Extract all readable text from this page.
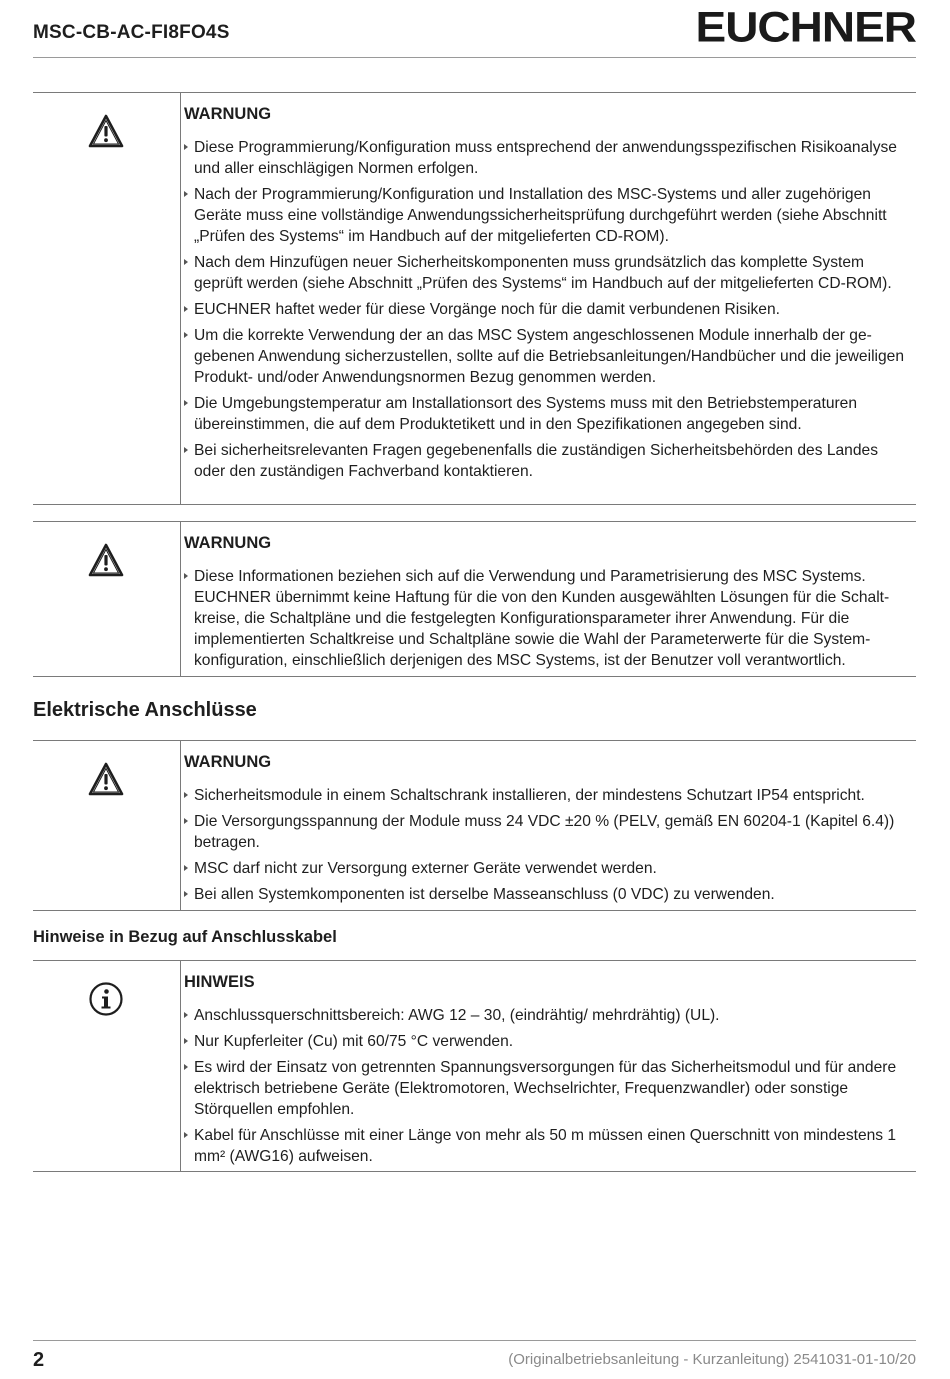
MSC-CB-AC-FI8FO4S	EUCHNER
WARNUNG
Diese Programmierung/Konfiguration muss entsprechend der anwendungsspezifischen Risikoanalyse und aller einschlägigen Normen erfolgen.
Nach der Programmierung/Konfiguration und Installation des MSC-Systems und aller zugehörigen Geräte muss eine vollständige Anwendungssicherheitsprüfung durchgeführt werden (siehe Abschnitt „Prüfen des Systems“ im Handbuch auf der mitgelieferten CD-ROM).
Nach dem Hinzufügen neuer Sicherheitskomponenten muss grundsätzlich das komplette System geprüft werden (siehe Abschnitt „Prüfen des Systems“ im Handbuch auf der mitgelieferten CD-ROM).
EUCHNER haftet weder für diese Vorgänge noch für die damit verbundenen Risiken.
Um die korrekte Verwendung der an das MSC System angeschlossenen Module innerhalb der gegebenen Anwendung sicherzustellen, sollte auf die Betriebsanleitungen/Handbücher und die jeweiligen Produkt- und/oder Anwendungsnormen Bezug genommen werden.
Die Umgebungstemperatur am Installationsort des Systems muss mit den Betriebstemperaturen übereinstimmen, die auf dem Produktetikett und in den Spezifikationen angegeben sind.
Bei sicherheitsrelevanten Fragen gegebenenfalls die zuständigen Sicherheitsbehörden des Landes oder den zuständigen Fachverband kontaktieren.
WARNUNG
Diese Informationen beziehen sich auf die Verwendung und Parametrisierung des MSC Systems. EUCHNER übernimmt keine Haftung für die von den Kunden ausgewählten Lösungen für die Schaltkreise, die Schaltpläne und die festgelegten Konfigurationsparameter ihrer Anwendung. Für die implementierten Schaltkreise und Schaltpläne sowie die Wahl der Parameterwerte für die Systemkonfiguration, einschließlich derjenigen des MSC Systems, ist der Benutzer voll verantwortlich.
Elektrische Anschlüsse
WARNUNG
Sicherheitsmodule in einem Schaltschrank installieren, der mindestens Schutzart IP54 entspricht.
Die Versorgungsspannung der Module muss 24 VDC ±20 % (PELV, gemäß EN 60204-1 (Kapitel 6.4)) betragen.
MSC darf nicht zur Versorgung externer Geräte verwendet werden.
Bei allen Systemkomponenten ist derselbe Masseanschluss (0 VDC) zu verwenden.
Hinweise in Bezug auf Anschlusskabel
HINWEIS
Anschlussquerschnittsbereich: AWG 12 – 30, (eindrähtig/ mehrdrähtig) (UL).
Nur Kupferleiter (Cu) mit 60/75 °C verwenden.
Es wird der Einsatz von getrennten Spannungsversorgungen für das Sicherheitsmodul und für andere elektrisch betriebene Geräte (Elektromotoren, Wechselrichter, Frequenzwandler) oder sonstige Störquellen empfohlen.
Kabel für Anschlüsse mit einer Länge von mehr als 50 m müssen einen Querschnitt von mindestens 1 mm² (AWG16) aufweisen.
2	(Originalbetriebsanleitung - Kurzanleitung) 2541031-01-10/20
